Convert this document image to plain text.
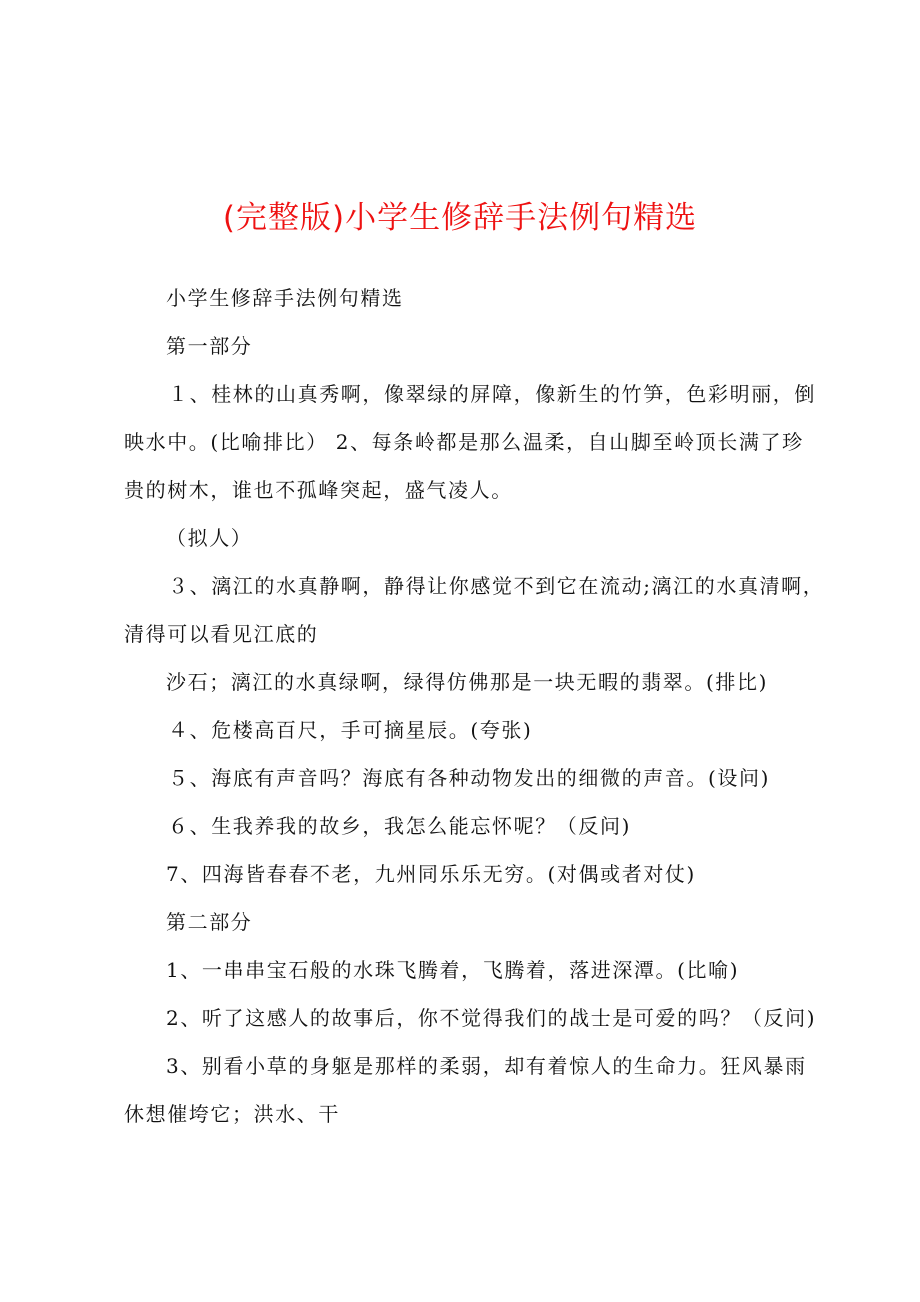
(完整版)小学生修辞手法例句精选
小学生修辞手法例句精选
第一部分
１、桂林的山真秀啊，像翠绿的屏障，像新生的竹笋，色彩明丽，倒
映水中。(比喻排比） 2、每条岭都是那么温柔，自山脚至岭顶长满了珍
贵的树木，谁也不孤峰突起，盛气凌人。
（拟人）
３、漓江的水真静啊，静得让你感觉不到它在流动;漓江的水真清啊，
清得可以看见江底的
沙石；漓江的水真绿啊，绿得仿佛那是一块无暇的翡翠。(排比)
４、危楼高百尺，手可摘星辰。(夸张)
５、海底有声音吗？海底有各种动物发出的细微的声音。(设问)
６、生我养我的故乡，我怎么能忘怀呢？（反问)
7、四海皆春春不老，九州同乐乐无穷。(对偶或者对仗)
第二部分
1、一串串宝石般的水珠飞腾着，飞腾着，落进深潭。(比喻)
2、听了这感人的故事后，你不觉得我们的战士是可爱的吗？（反问)
3、别看小草的身躯是那样的柔弱，却有着惊人的生命力。狂风暴雨
休想催垮它；洪水、干
